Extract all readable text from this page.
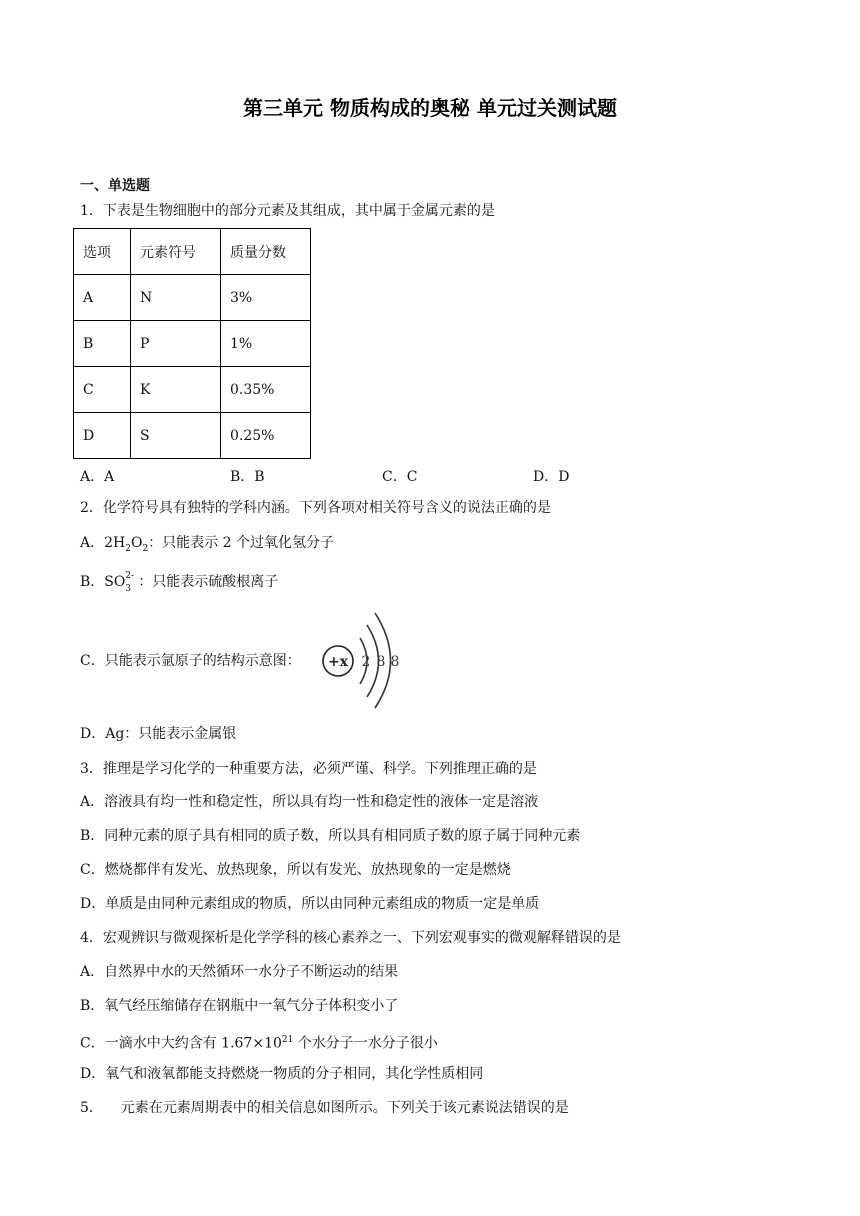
第三单元 物质构成的奥秘 单元过关测试题
一、单选题
1．下表是生物细胞中的部分元素及其组成，其中属于金属元素的是
选项	元素符号	质量分数
A	N	3%
B	P	1%
C	K	0.35%
D	S	0.25%
A．A	B．B	C．C	D．D
2．化学符号具有独特的学科内涵。下列各项对相关符号含义的说法正确的是
A．$2H_2O_2$：只能表示 2 个过氧化氢分子
B．SO 2-
3 ：只能表示硫酸根离子
C．只能表示氩原子的结构示意图： +x 2 8 8
D．Ag：只能表示金属银
3．推理是学习化学的一种重要方法，必须严谨、科学。下列推理正确的是
A．溶液具有均一性和稳定性，所以具有均一性和稳定性的液体一定是溶液
B．同种元素的原子具有相同的质子数，所以具有相同质子数的原子属于同种元素
C．燃烧都伴有发光、放热现象，所以有发光、放热现象的一定是燃烧
D．单质是由同种元素组成的物质，所以由同种元素组成的物质一定是单质
4．宏观辨识与微观探析是化学学科的核心素养之一、下列宏观事实的微观解释错误的是
A．自然界中水的天然循环一水分子不断运动的结果
B．氧气经压缩储存在钢瓶中一氧气分子体积变小了
C．一滴水中大约含有 $1.67\times 10^{21}$ 个水分子一水分子很小
D．氧气和液氧都能支持燃烧一物质的分子相同，其化学性质相同
5．    元素在元素周期表中的相关信息如图所示。下列关于该元素说法错误的是
